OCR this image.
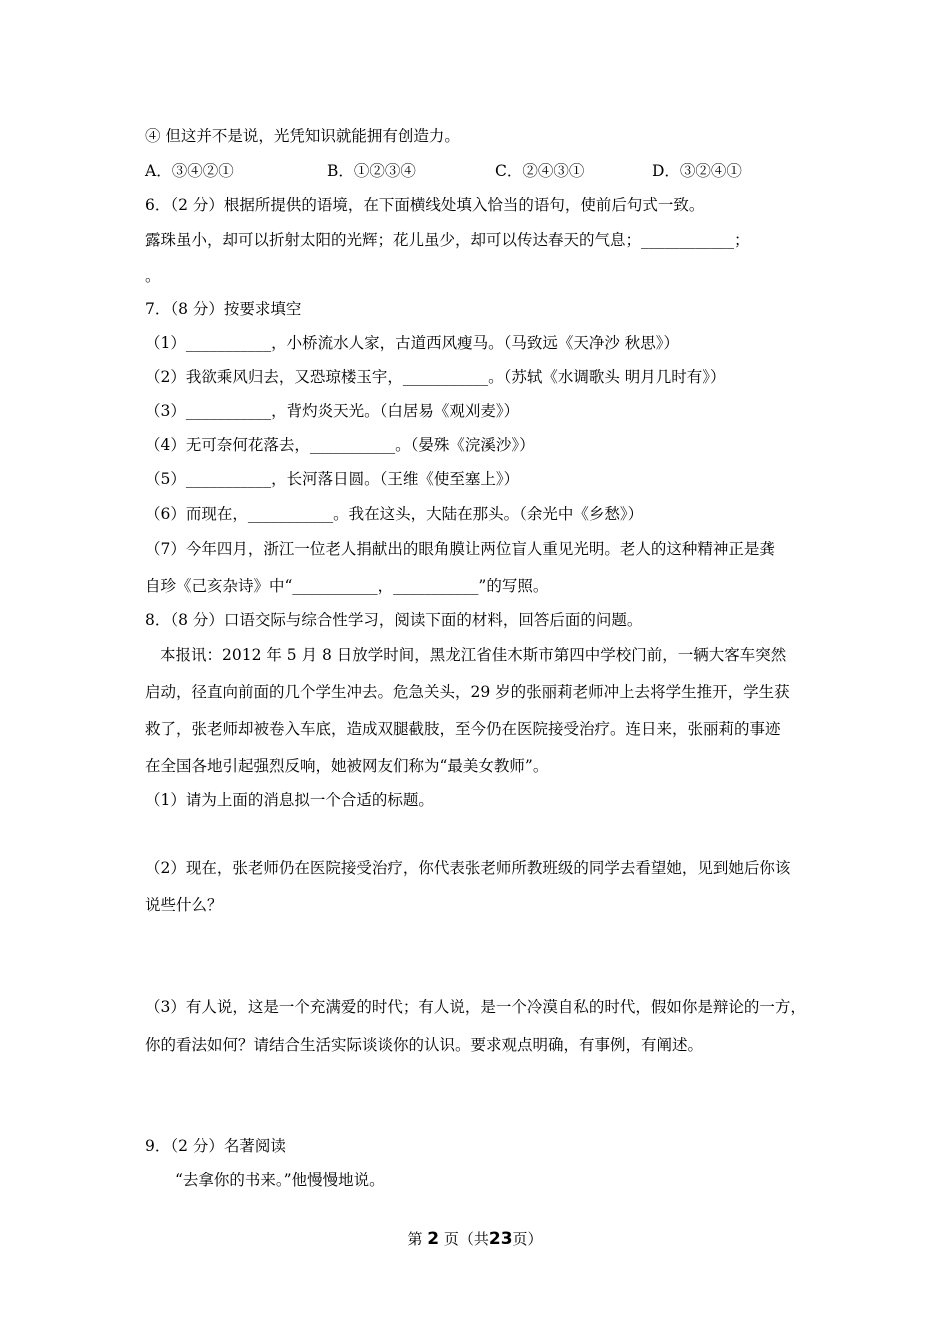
④ 但这并不是说，光凭知识就能拥有创造力。
A．③④②①	B．①②③④	C．②④③①	D．③②④①
6．（2 分）根据所提供的语境，在下面横线处填入恰当的语句，使前后句式一致。
露珠虽小，却可以折射太阳的光辉；花儿虽少，却可以传达春天的气息；____________；
。
7．（8 分）按要求填空
（1）___________，小桥流水人家，古道西风瘦马。（马致远《天净沙 秋思》）
（2）我欲乘风归去，又恐琼楼玉宇，___________。（苏轼《水调歌头 明月几时有》）
（3）___________，背灼炎天光。（白居易《观刈麦》）
（4）无可奈何花落去，___________。（晏殊《浣溪沙》）
（5）___________，长河落日圆。（王维《使至塞上》）
（6）而现在，___________。我在这头，大陆在那头。（余光中《乡愁》）
（7）今年四月，浙江一位老人捐献出的眼角膜让两位盲人重见光明。老人的这种精神正是龚
自珍《己亥杂诗》中“___________，___________”的写照。
8．（8 分）口语交际与综合性学习，阅读下面的材料，回答后面的问题。
本报讯：2012 年 5 月 8 日放学时间，黑龙江省佳木斯市第四中学校门前，一辆大客车突然
启动，径直向前面的几个学生冲去。危急关头，29 岁的张丽莉老师冲上去将学生推开，学生获
救了，张老师却被卷入车底，造成双腿截肢，至今仍在医院接受治疗。连日来，张丽莉的事迹
在全国各地引起强烈反响，她被网友们称为“最美女教师”。
（1）请为上面的消息拟一个合适的标题。
（2）现在，张老师仍在医院接受治疗，你代表张老师所教班级的同学去看望她，见到她后你该
说些什么？
（3）有人说，这是一个充满爱的时代；有人说，是一个冷漠自私的时代，假如你是辩论的一方，
你的看法如何？请结合生活实际谈谈你的认识。要求观点明确，有事例，有阐述。
9．（2 分）名著阅读
“去拿你的书来。”他慢慢地说。
第 2 页（共23页）
